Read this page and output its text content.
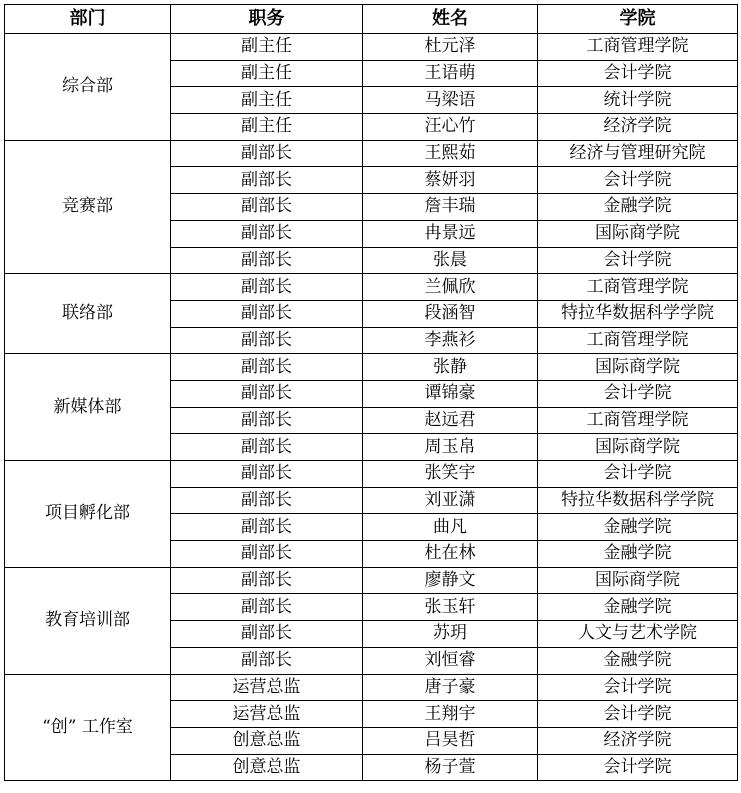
部门	职务	姓名	学院
综合部	副主任	杜元泽	工商管理学院
	副主任	王语萌	会计学院
	副主任	马梁语	统计学院
	副主任	汪心竹	经济学院
竞赛部	副部长	王熙茹	经济与管理研究院
	副部长	蔡妍羽	会计学院
	副部长	詹丰瑞	金融学院
	副部长	冉景远	国际商学院
	副部长	张晨	会计学院
联络部	副部长	兰佩欣	工商管理学院
	副部长	段涵智	特拉华数据科学学院
	副部长	李燕衫	工商管理学院
新媒体部	副部长	张静	国际商学院
	副部长	谭锦豪	会计学院
	副部长	赵远君	工商管理学院
	副部长	周玉帛	国际商学院
项目孵化部	副部长	张笑宇	会计学院
	副部长	刘亚潇	特拉华数据科学学院
	副部长	曲凡	金融学院
	副部长	杜在林	金融学院
教育培训部	副部长	廖静文	国际商学院
	副部长	张玉轩	金融学院
	副部长	苏玥	人文与艺术学院
	副部长	刘恒睿	金融学院
“创” 工作室	运营总监	唐子豪	会计学院
	运营总监	王翔宇	会计学院
	创意总监	吕昊哲	经济学院
	创意总监	杨子萱	会计学院
